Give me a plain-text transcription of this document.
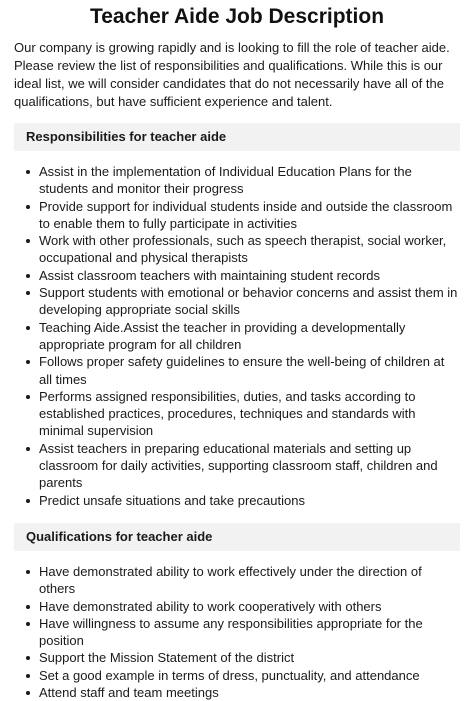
Teacher Aide Job Description

Our company is growing rapidly and is looking to fill the role of teacher aide. Please review the list of responsibilities and qualifications. While this is our ideal list, we will consider candidates that do not necessarily have all of the qualifications, but have sufficient experience and talent.

Responsibilities for teacher aide
Assist in the implementation of Individual Education Plans for the students and monitor their progress
Provide support for individual students inside and outside the classroom to enable them to fully participate in activities
Work with other professionals, such as speech therapist, social worker, occupational and physical therapists
Assist classroom teachers with maintaining student records
Support students with emotional or behavior concerns and assist them in developing appropriate social skills
Teaching Aide.Assist the teacher in providing a developmentally appropriate program for all children
Follows proper safety guidelines to ensure the well-being of children at all times
Performs assigned responsibilities, duties, and tasks according to established practices, procedures, techniques and standards with minimal supervision
Assist teachers in preparing educational materials and setting up classroom for daily activities, supporting classroom staff, children and parents
Predict unsafe situations and take precautions
Qualifications for teacher aide
Have demonstrated ability to work effectively under the direction of others
Have demonstrated ability to work cooperatively with others
Have willingness to assume any responsibilities appropriate for the position
Support the Mission Statement of the district
Set a good example in terms of dress, punctuality, and attendance
Attend staff and team meetings
